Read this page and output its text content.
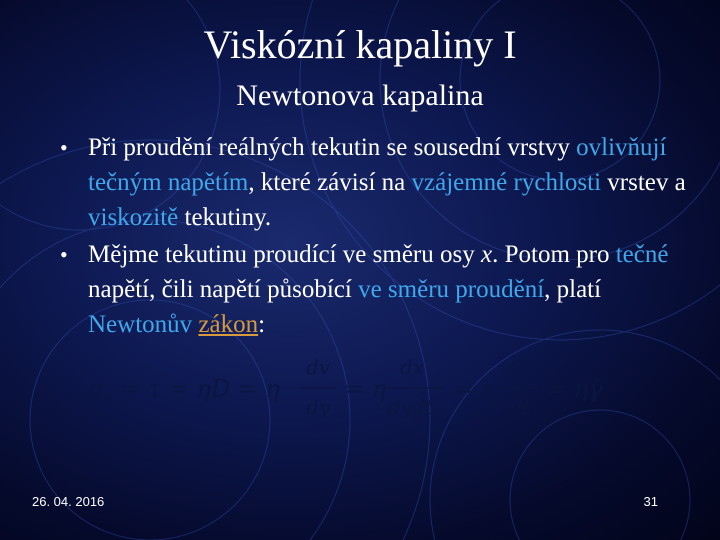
Viskózní kapaliny I
Newtonova kapalina
• Při proudění reálných tekutin se sousední vrstvy ovlivňují tečným napětím, které závisí na vzájemné rychlosti vrstev a viskozitě tekutiny.
• Mějme tekutinu proudící ve směru osy x. Potom pro tečné napětí, čili napětí působící ve směru proudění, platí Newtonův zákon:
σ
x = τ = ηD = η
dv
dy
= η
dx
dydt
= η
dγ
dt
= ηγ̇
26. 04. 2016	31
